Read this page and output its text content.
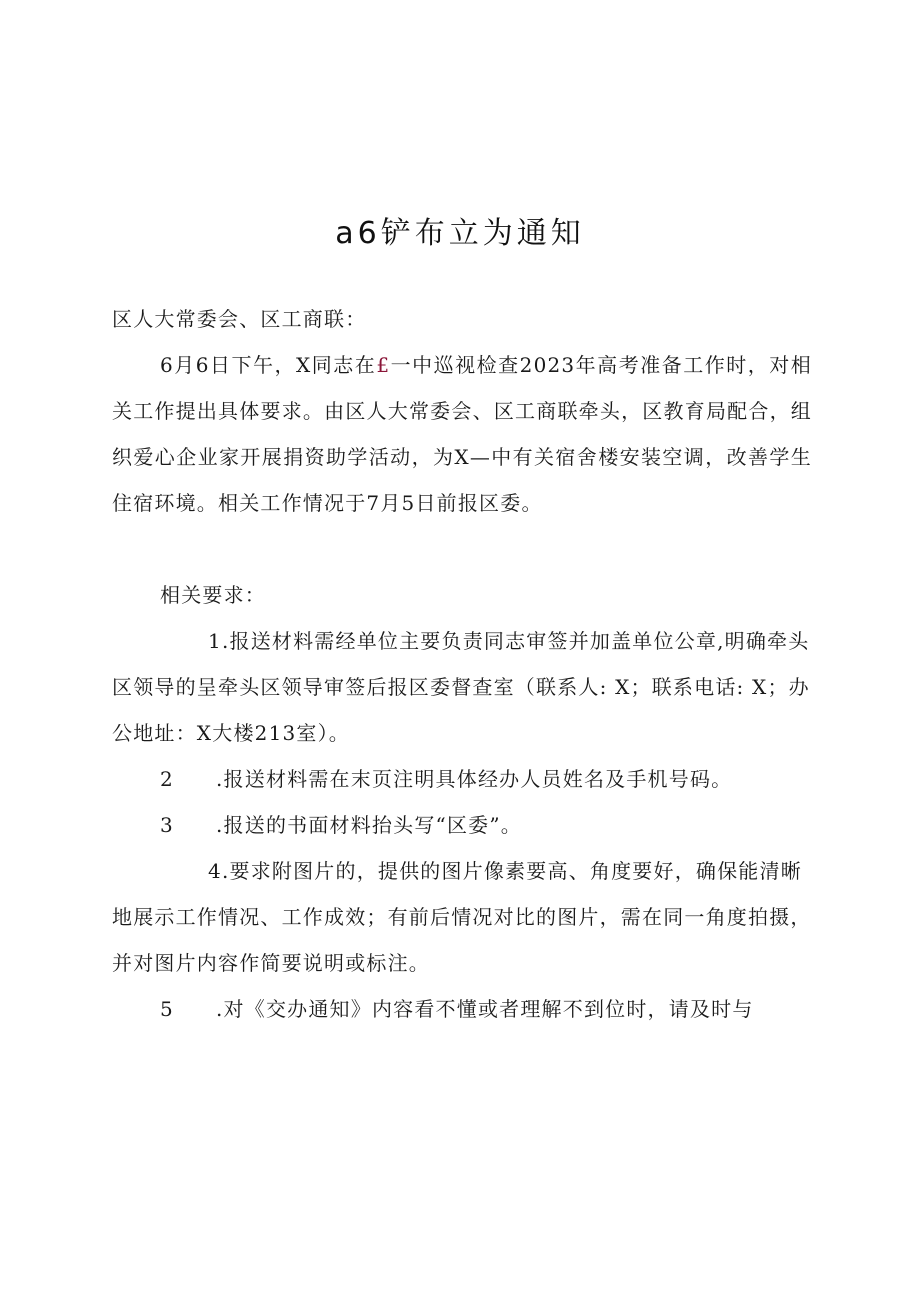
a6铲布立为通知

区人大常委会、区工商联：

6月6日下午，X同志在£一中巡视检查2023年高考准备工作时，对相关工作提出具体要求。由区人大常委会、区工商联牵头，区教育局配合，组织爱心企业家开展捐资助学活动，为X—中有关宿舍楼安装空调，改善学生住宿环境。相关工作情况于7月5日前报区委。

相关要求：

1.报送材料需经单位主要负责同志审签并加盖单位公章,明确牵头区领导的呈牵头区领导审签后报区委督查室（联系人: X；联系电话: X；办公地址：X大楼213室）。

2 .报送材料需在末页注明具体经办人员姓名及手机号码。

3 .报送的书面材料抬头写“区委”。

4.要求附图片的，提供的图片像素要高、角度要好，确保能清晰地展示工作情况、工作成效；有前后情况对比的图片，需在同一角度拍摄，并对图片内容作简要说明或标注。

5 .对《交办通知》内容看不懂或者理解不到位时，请及时与
